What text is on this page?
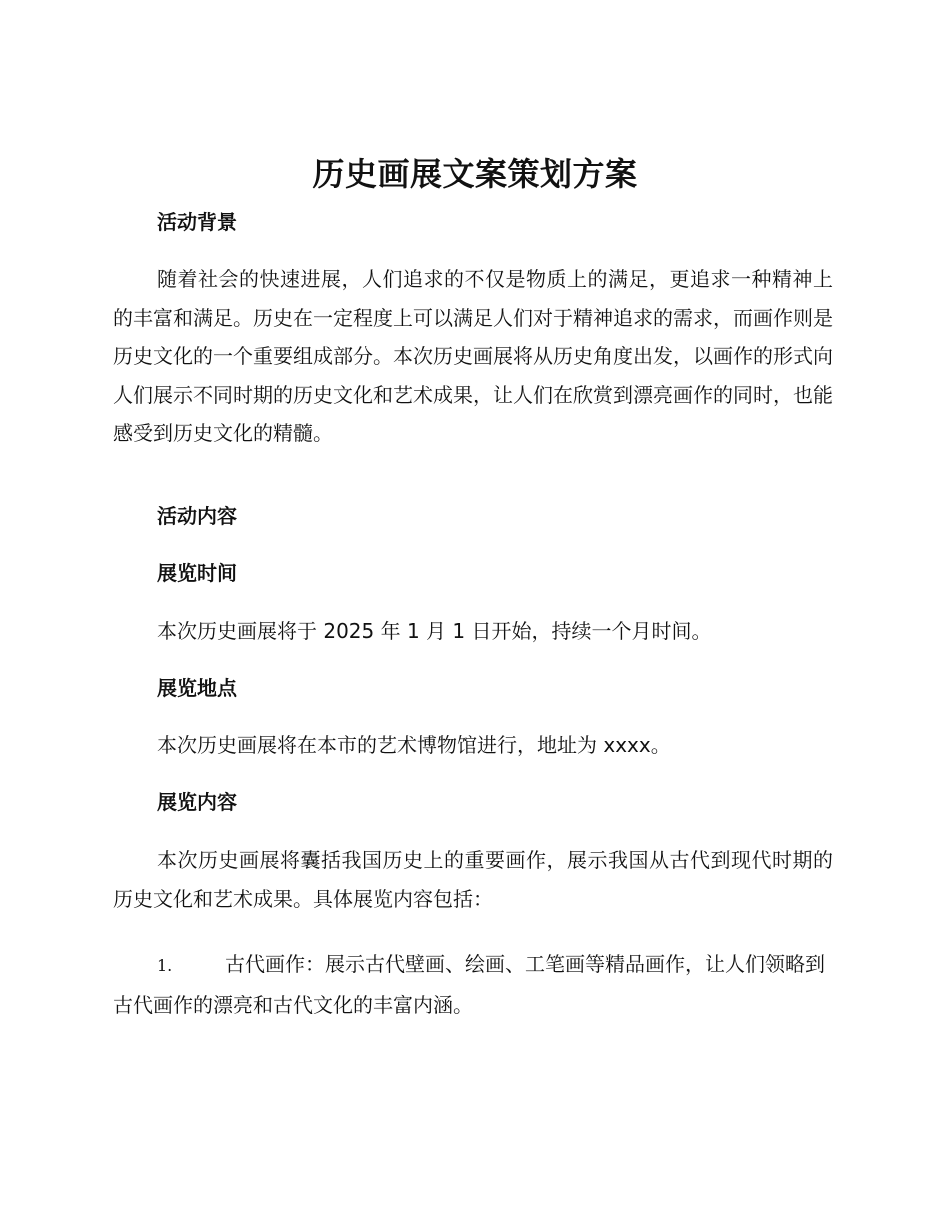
历史画展文案策划方案
活动背景
随着社会的快速进展，人们追求的不仅是物质上的满足，更追求一种精神上的丰富和满足。历史在一定程度上可以满足人们对于精神追求的需求，而画作则是历史文化的一个重要组成部分。本次历史画展将从历史角度出发，以画作的形式向人们展示不同时期的历史文化和艺术成果，让人们在欣赏到漂亮画作的同时，也能感受到历史文化的精髓。
活动内容
展览时间
本次历史画展将于 2025 年 1 月 1 日开始，持续一个月时间。
展览地点
本次历史画展将在本市的艺术博物馆进行，地址为 xxxx。
展览内容
本次历史画展将囊括我国历史上的重要画作，展示我国从古代到现代时期的历史文化和艺术成果。具体展览内容包括：
1.	古代画作：展示古代壁画、绘画、工笔画等精品画作，让人们领略到古代画作的漂亮和古代文化的丰富内涵。
